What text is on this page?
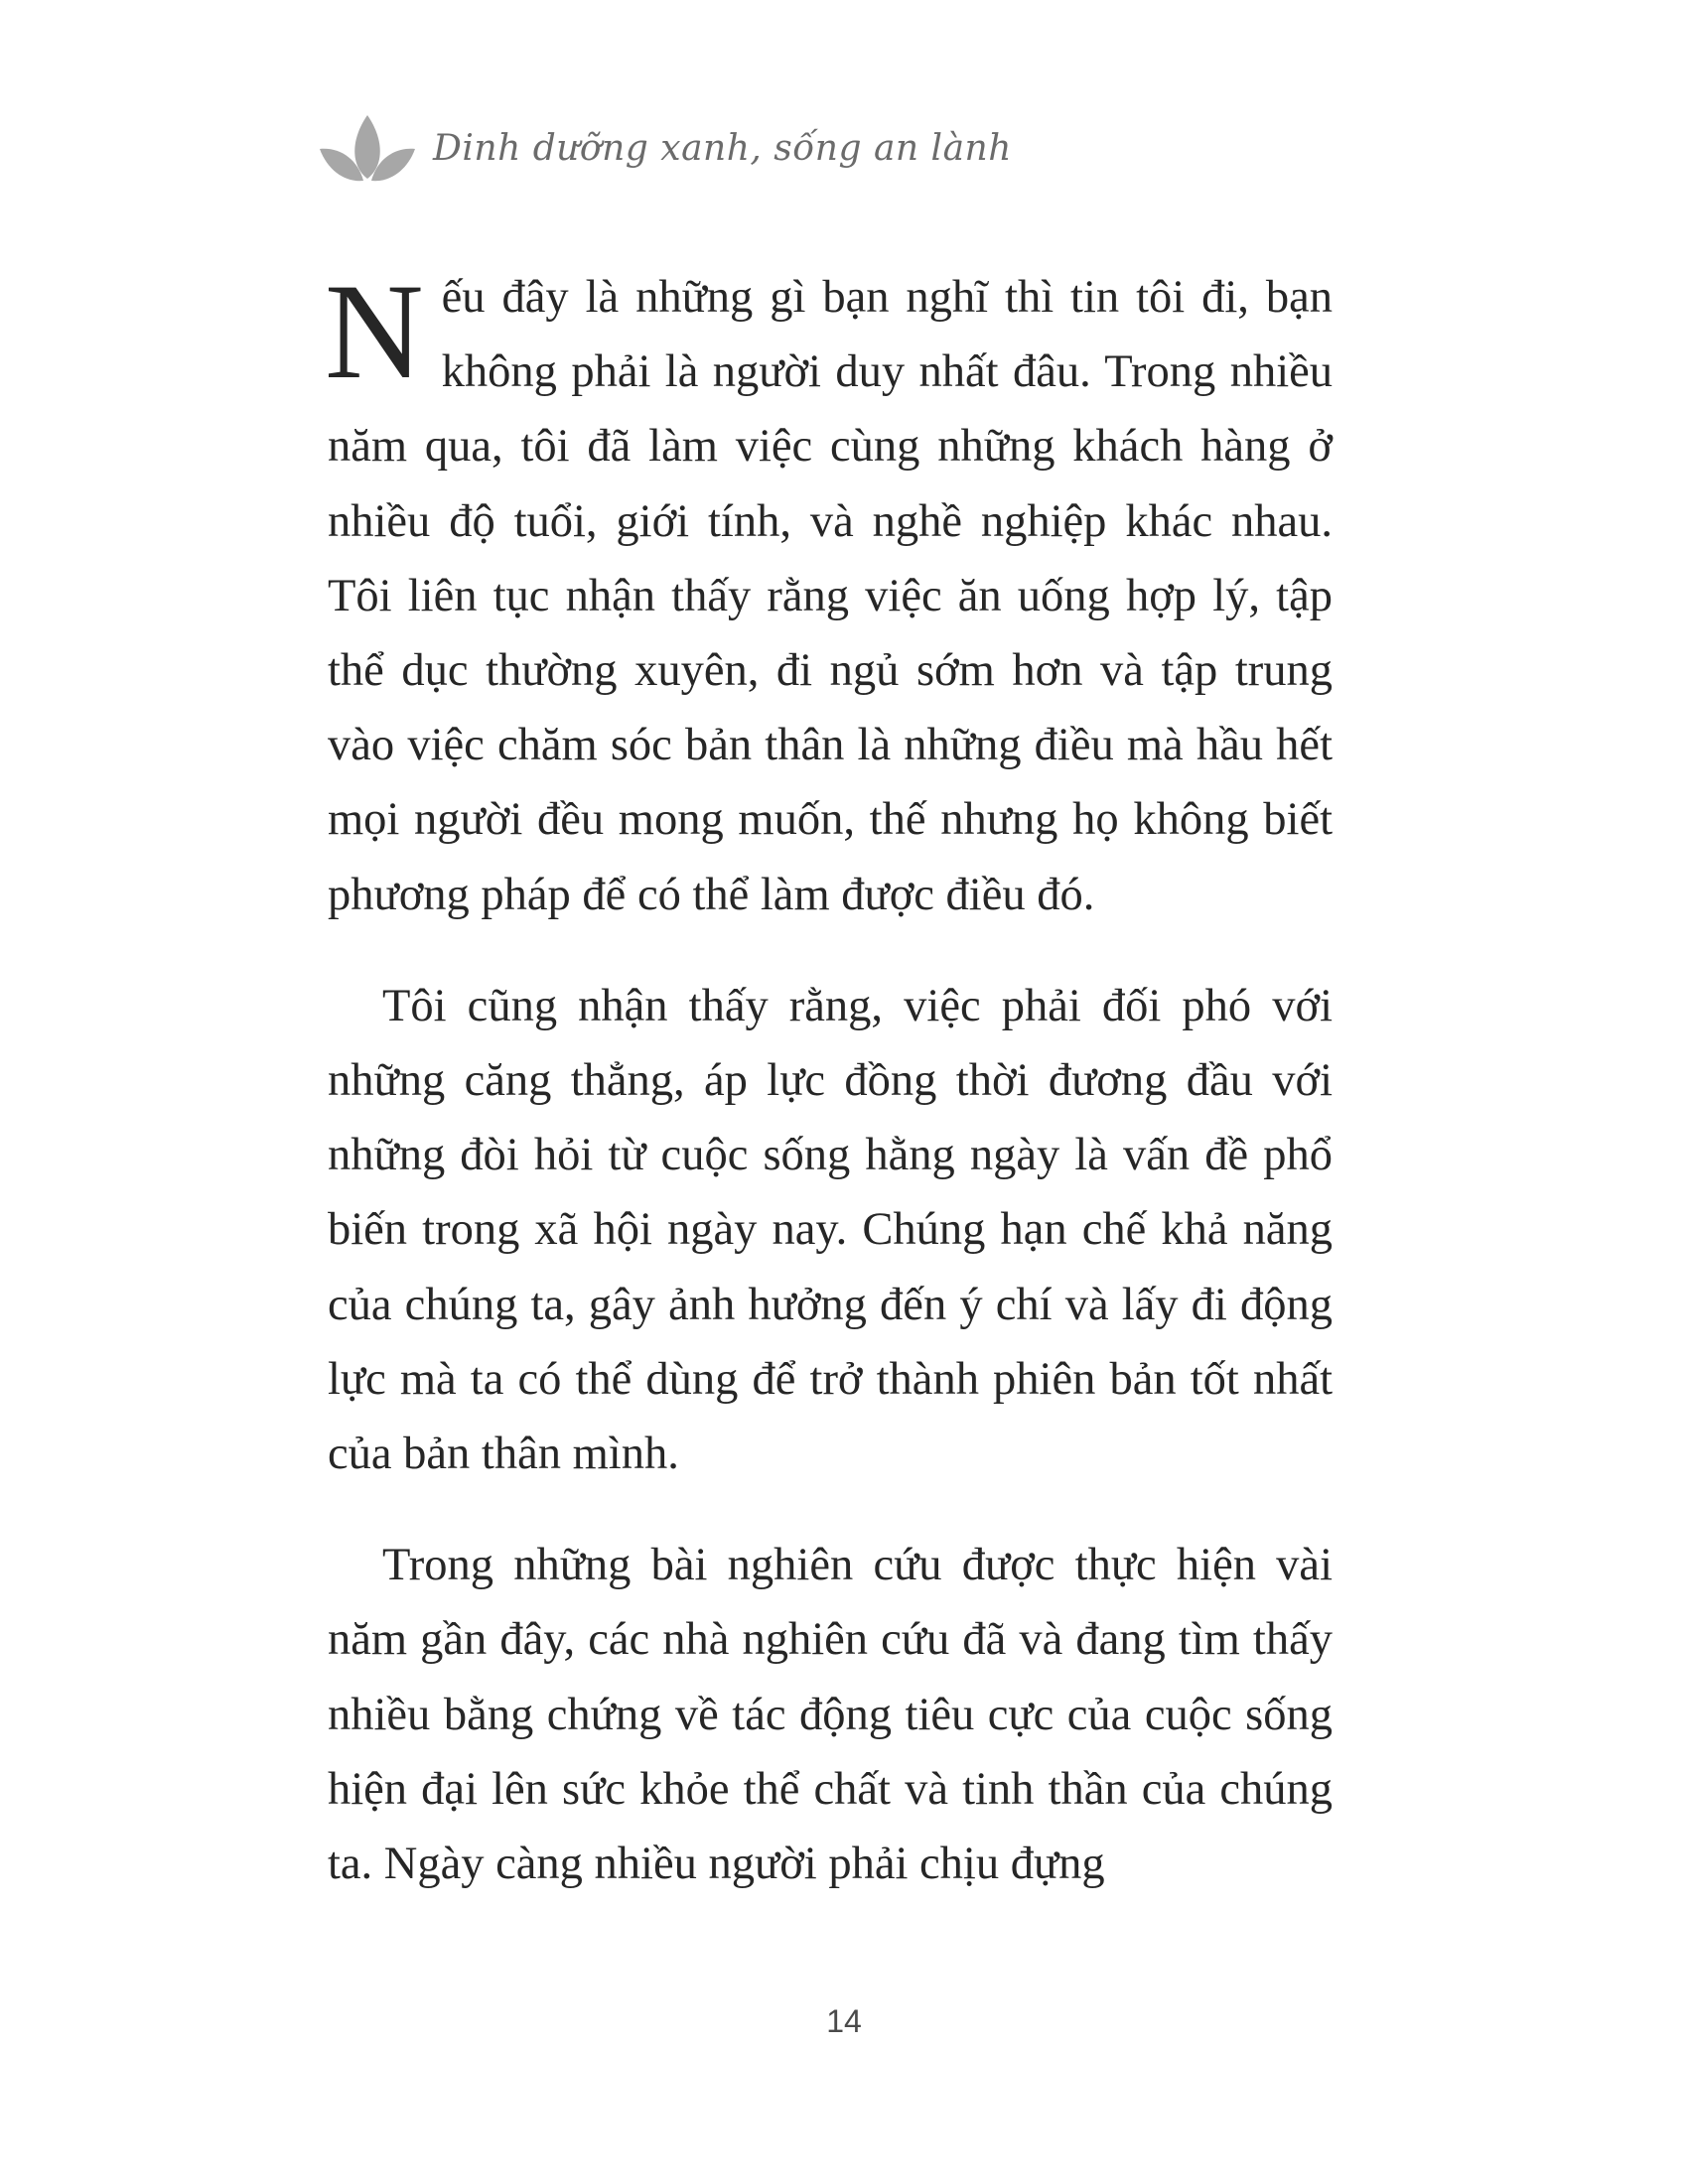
Dinh dưỡng xanh, sống an lành

Nếu đây là những gì bạn nghĩ thì tin tôi đi, bạn không phải là người duy nhất đâu. Trong nhiều năm qua, tôi đã làm việc cùng những khách hàng ở nhiều độ tuổi, giới tính, và nghề nghiệp khác nhau. Tôi liên tục nhận thấy rằng việc ăn uống hợp lý, tập thể dục thường xuyên, đi ngủ sớm hơn và tập trung vào việc chăm sóc bản thân là những điều mà hầu hết mọi người đều mong muốn, thế nhưng họ không biết phương pháp để có thể làm được điều đó.

Tôi cũng nhận thấy rằng, việc phải đối phó với những căng thẳng, áp lực đồng thời đương đầu với những đòi hỏi từ cuộc sống hằng ngày là vấn đề phổ biến trong xã hội ngày nay. Chúng hạn chế khả năng của chúng ta, gây ảnh hưởng đến ý chí và lấy đi động lực mà ta có thể dùng để trở thành phiên bản tốt nhất của bản thân mình.

Trong những bài nghiên cứu được thực hiện vài năm gần đây, các nhà nghiên cứu đã và đang tìm thấy nhiều bằng chứng về tác động tiêu cực của cuộc sống hiện đại lên sức khỏe thể chất và tinh thần của chúng ta. Ngày càng nhiều người phải chịu đựng

14
